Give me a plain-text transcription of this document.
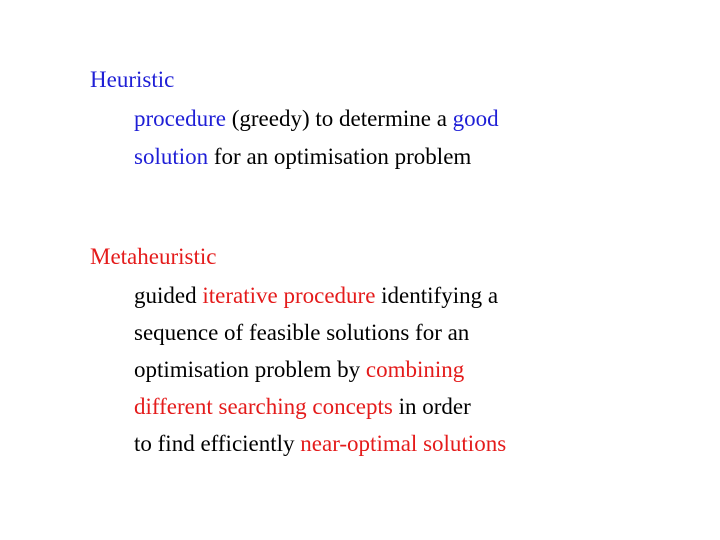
Heuristic
procedure (greedy) to determine a good
solution for an optimisation problem
Metaheuristic
guided iterative procedure identifying a
sequence of feasible solutions for an
optimisation problem by combining
different searching concepts in order
to find efficiently near-optimal solutions
